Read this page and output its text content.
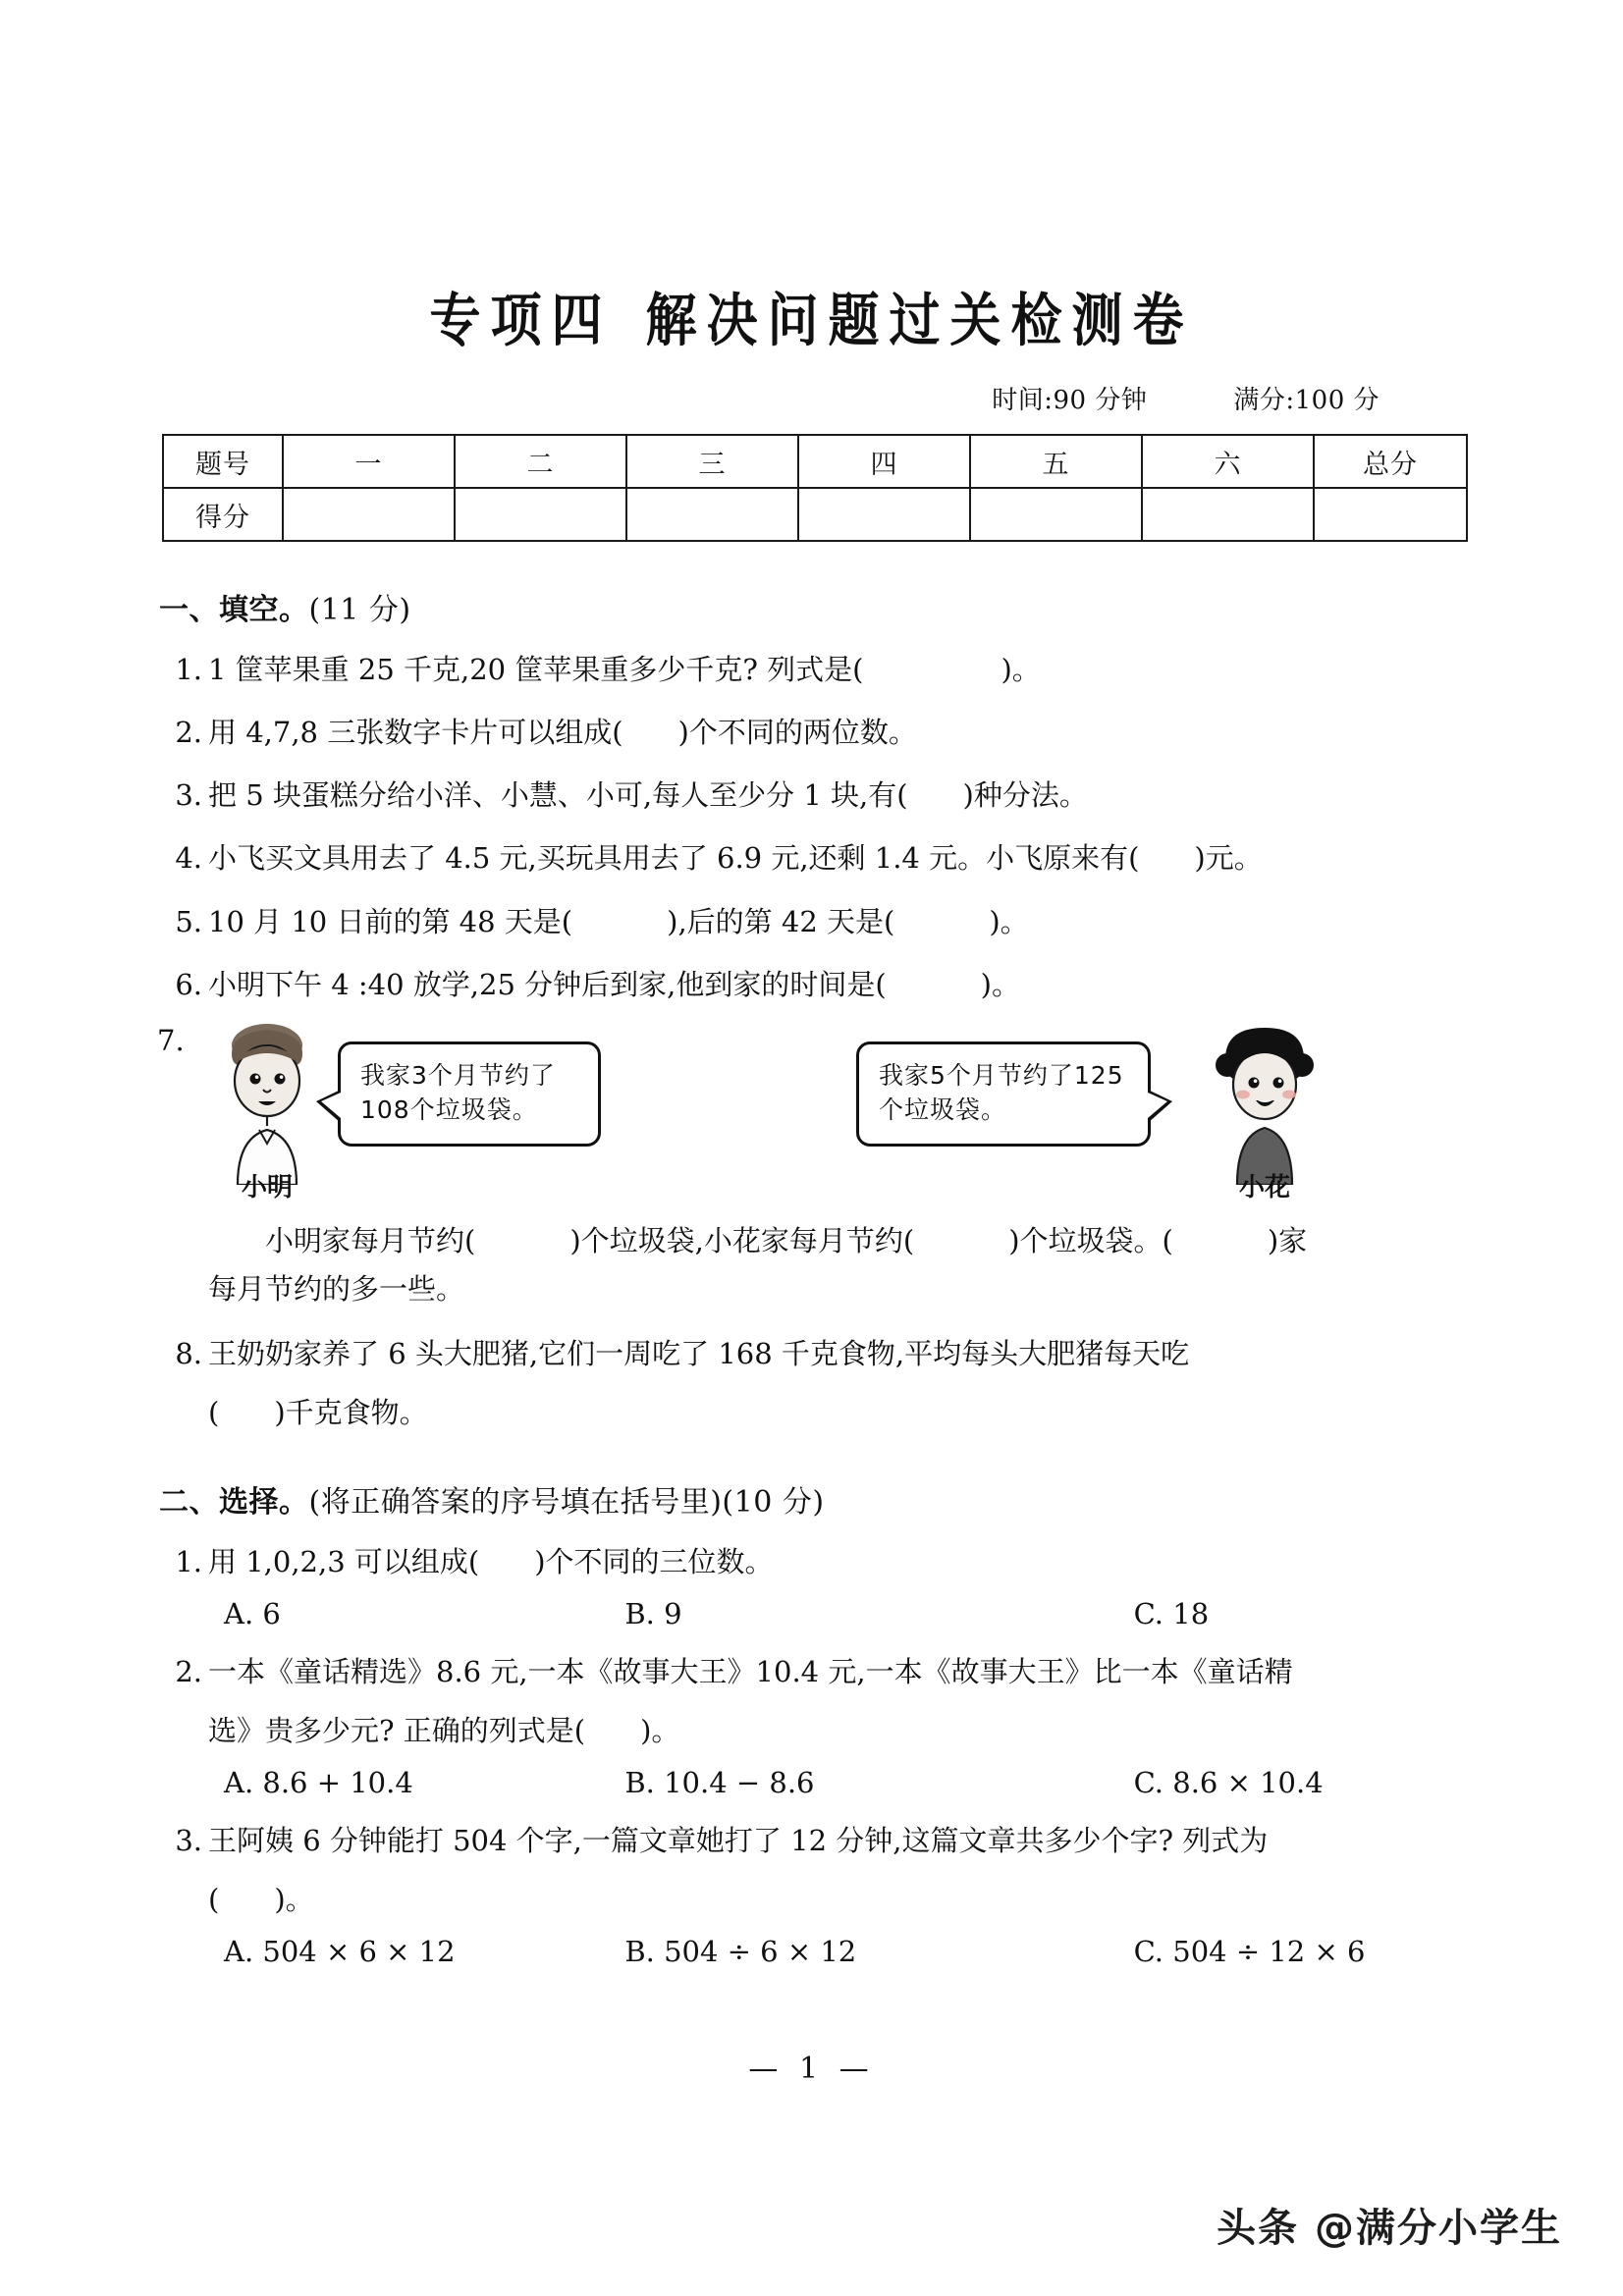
专项四 解决问题过关检测卷
时间:90 分钟	满分:100 分
题号	一	二	三	四	五	六	总分
得分							
一、填空。(11 分)
1. 1 筐苹果重 25 千克,20 筐苹果重多少千克? 列式是(	)。
2. 用 4,7,8 三张数字卡片可以组成( )个不同的两位数。
3. 把 5 块蛋糕分给小洋、小慧、小可,每人至少分 1 块,有( )种分法。
4. 小飞买文具用去了 4.5 元,买玩具用去了 6.9 元,还剩 1.4 元。小飞原来有( )元。
5. 10 月 10 日前的第 48 天是(	),后的第 42 天是(	)。
6. 小明下午 4 :40 放学,25 分钟后到家,他到家的时间是(	)。
7.
我家3个月节约了108个垃圾袋。
我家5个月节约了125个垃圾袋。
小明	小花
小明家每月节约(	)个垃圾袋,小花家每月节约(	)个垃圾袋。(	)家
每月节约的多一些。
8. 王奶奶家养了 6 头大肥猪,它们一周吃了 168 千克食物,平均每头大肥猪每天吃
( )千克食物。
二、选择。(将正确答案的序号填在括号里)(10 分)
1. 用 1,0,2,3 可以组成( )个不同的三位数。
A. 6	B. 9	C. 18
2. 一本《童话精选》8.6 元,一本《故事大王》10.4 元,一本《故事大王》比一本《童话精
选》贵多少元? 正确的列式是( )。
A. 8.6 + 10.4	B. 10.4 − 8.6	C. 8.6 × 10.4
3. 王阿姨 6 分钟能打 504 个字,一篇文章她打了 12 分钟,这篇文章共多少个字? 列式为
( )。
A. 504 × 6 × 12	B. 504 ÷ 6 × 12	C. 504 ÷ 12 × 6
— 1 —
头条 @满分小学生
